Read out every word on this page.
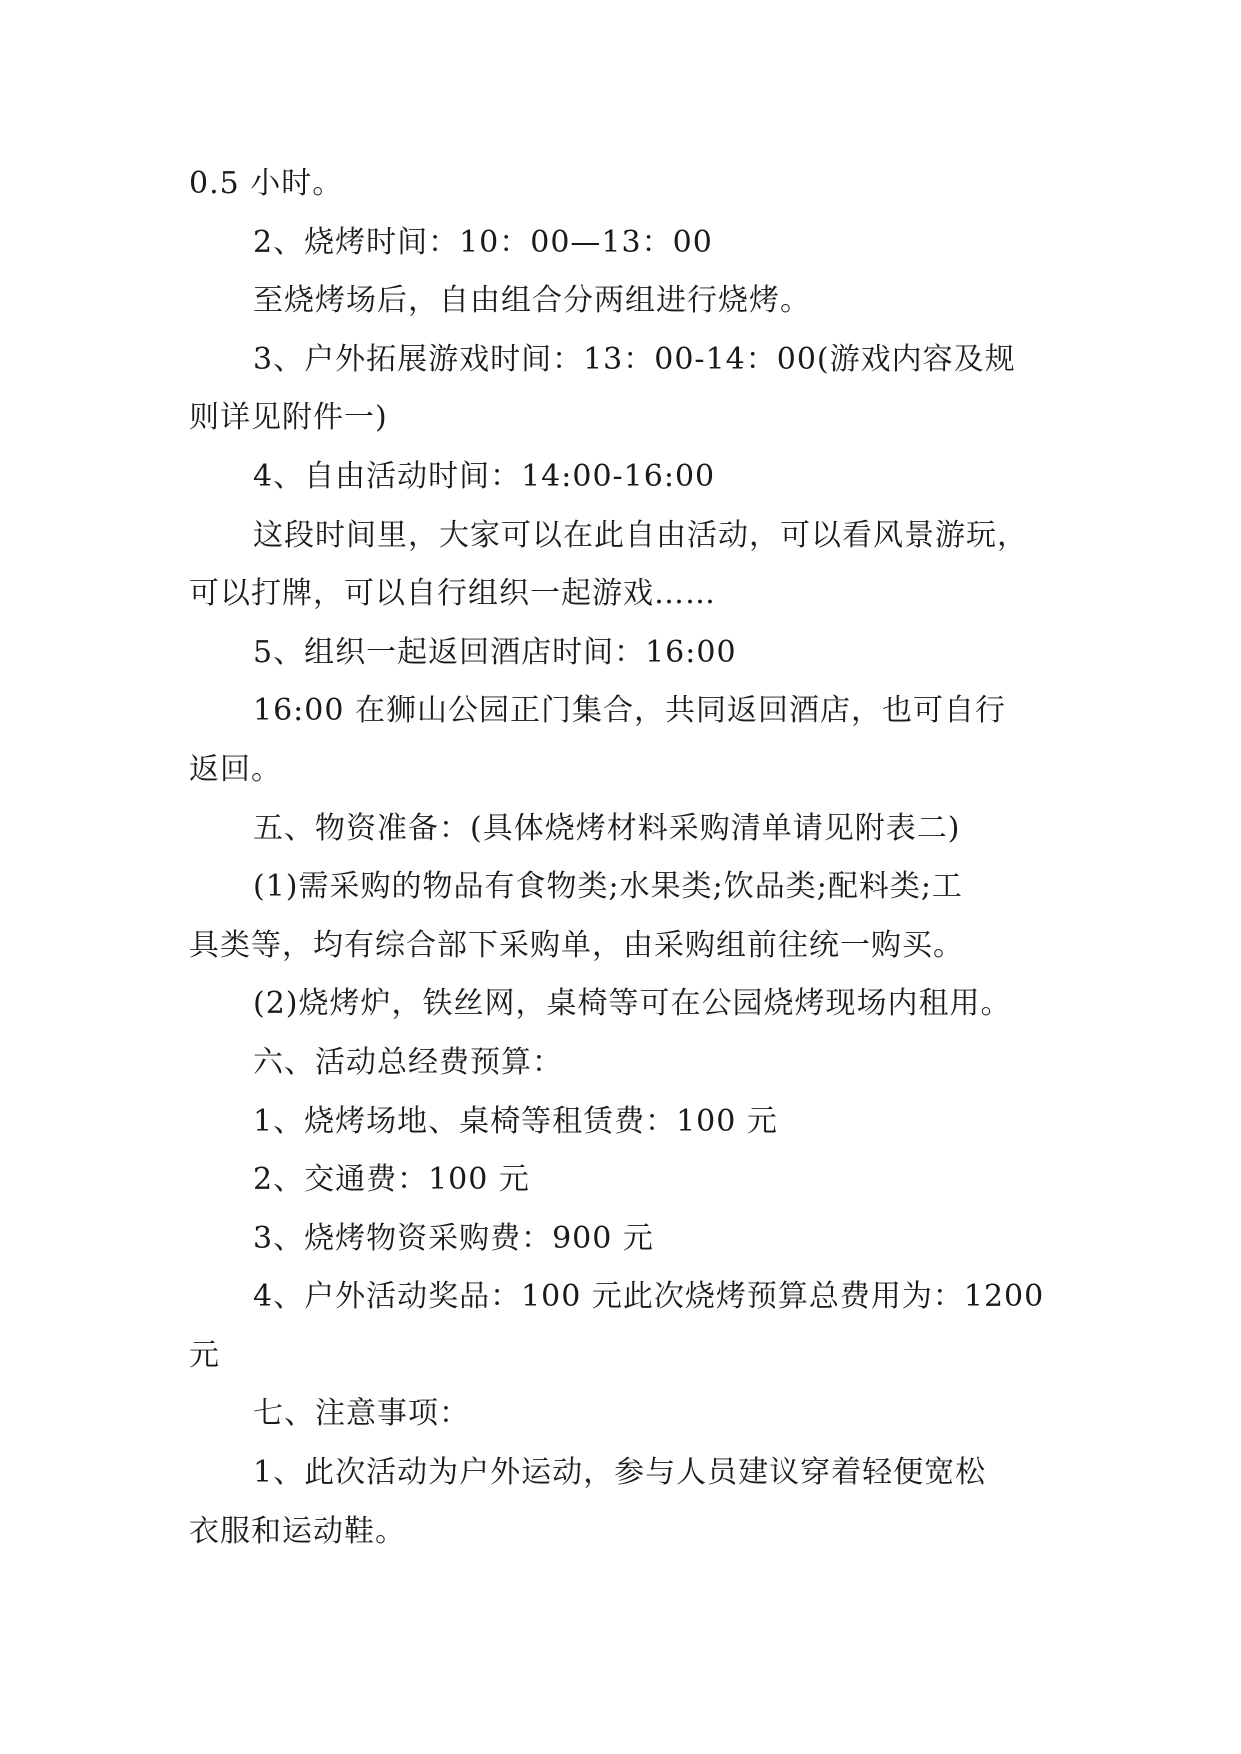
0.5 小时。

2、烧烤时间：10：00—13：00

至烧烤场后，自由组合分两组进行烧烤。

3、户外拓展游戏时间：13：00-14：00(游戏内容及规

则详见附件一)

4、自由活动时间：14:00-16:00

这段时间里，大家可以在此自由活动，可以看风景游玩，

可以打牌，可以自行组织一起游戏……

5、组织一起返回酒店时间：16:00

16:00 在狮山公园正门集合，共同返回酒店，也可自行

返回。

五、物资准备：(具体烧烤材料采购清单请见附表二)

(1)需采购的物品有食物类;水果类;饮品类;配料类;工

具类等，均有综合部下采购单，由采购组前往统一购买。

(2)烧烤炉，铁丝网，桌椅等可在公园烧烤现场内租用。

六、活动总经费预算：

1、烧烤场地、桌椅等租赁费：100 元

2、交通费：100 元

3、烧烤物资采购费：900 元

4、户外活动奖品：100 元此次烧烤预算总费用为：1200

元

七、注意事项：

1、此次活动为户外运动，参与人员建议穿着轻便宽松

衣服和运动鞋。
